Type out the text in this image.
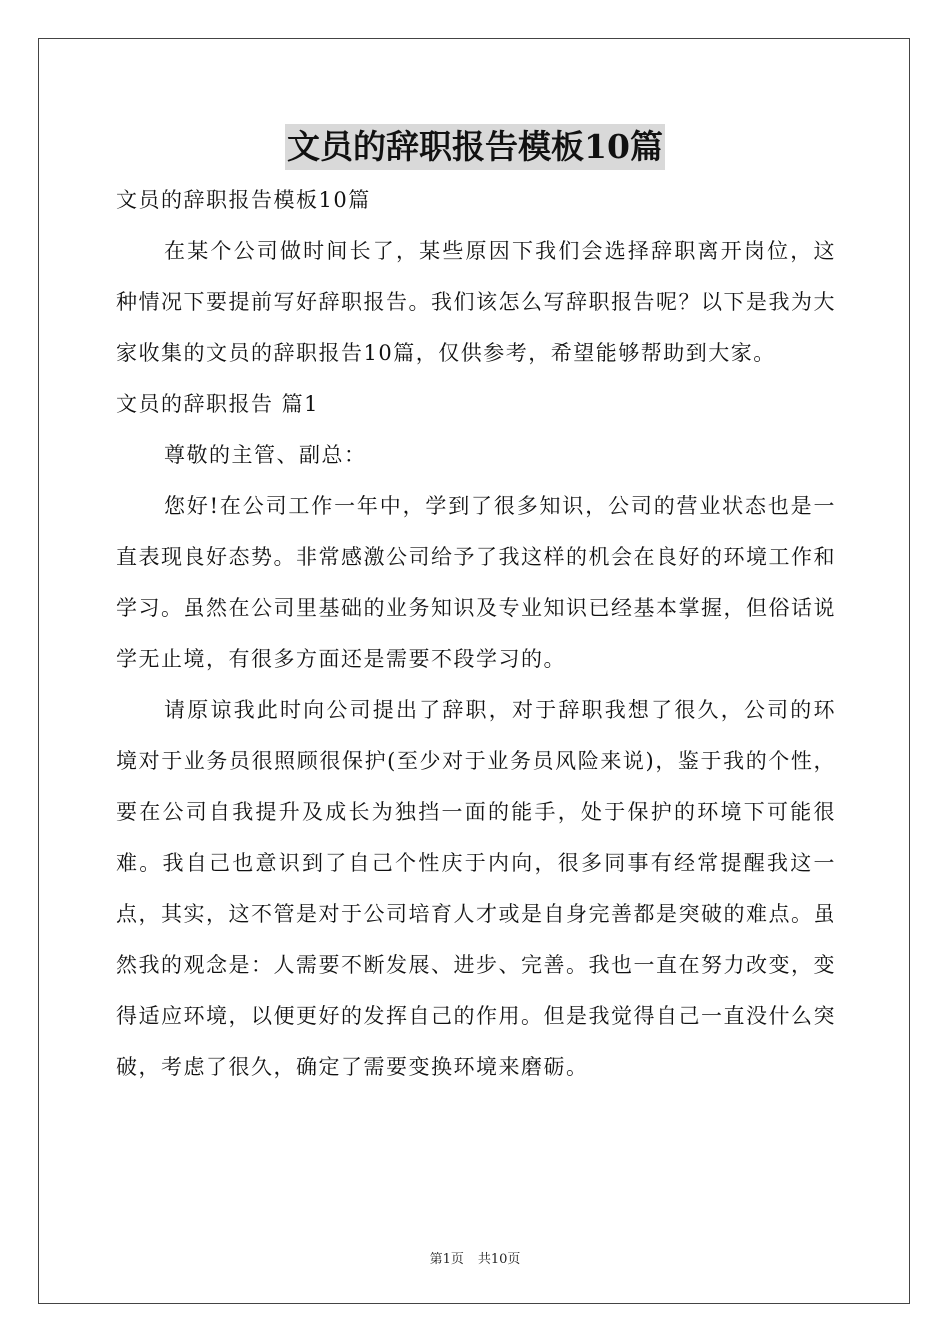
文员的辞职报告模板10篇

文员的辞职报告模板10篇

在某个公司做时间长了，某些原因下我们会选择辞职离开岗位，这种情况下要提前写好辞职报告。我们该怎么写辞职报告呢？以下是我为大家收集的文员的辞职报告10篇，仅供参考，希望能够帮助到大家。

文员的辞职报告 篇1

尊敬的主管、副总：

您好!在公司工作一年中，学到了很多知识，公司的营业状态也是一直表现良好态势。非常感激公司给予了我这样的机会在良好的环境工作和学习。虽然在公司里基础的业务知识及专业知识已经基本掌握，但俗话说学无止境，有很多方面还是需要不段学习的。

请原谅我此时向公司提出了辞职，对于辞职我想了很久，公司的环境对于业务员很照顾很保护(至少对于业务员风险来说)，鉴于我的个性，要在公司自我提升及成长为独挡一面的能手，处于保护的环境下可能很难。我自己也意识到了自己个性庆于内向，很多同事有经常提醒我这一点，其实，这不管是对于公司培育人才或是自身完善都是突破的难点。虽然我的观念是：人需要不断发展、进步、完善。我也一直在努力改变，变得适应环境，以便更好的发挥自己的作用。但是我觉得自己一直没什么突破，考虑了很久，确定了需要变换环境来磨砺。

第1页 共10页
